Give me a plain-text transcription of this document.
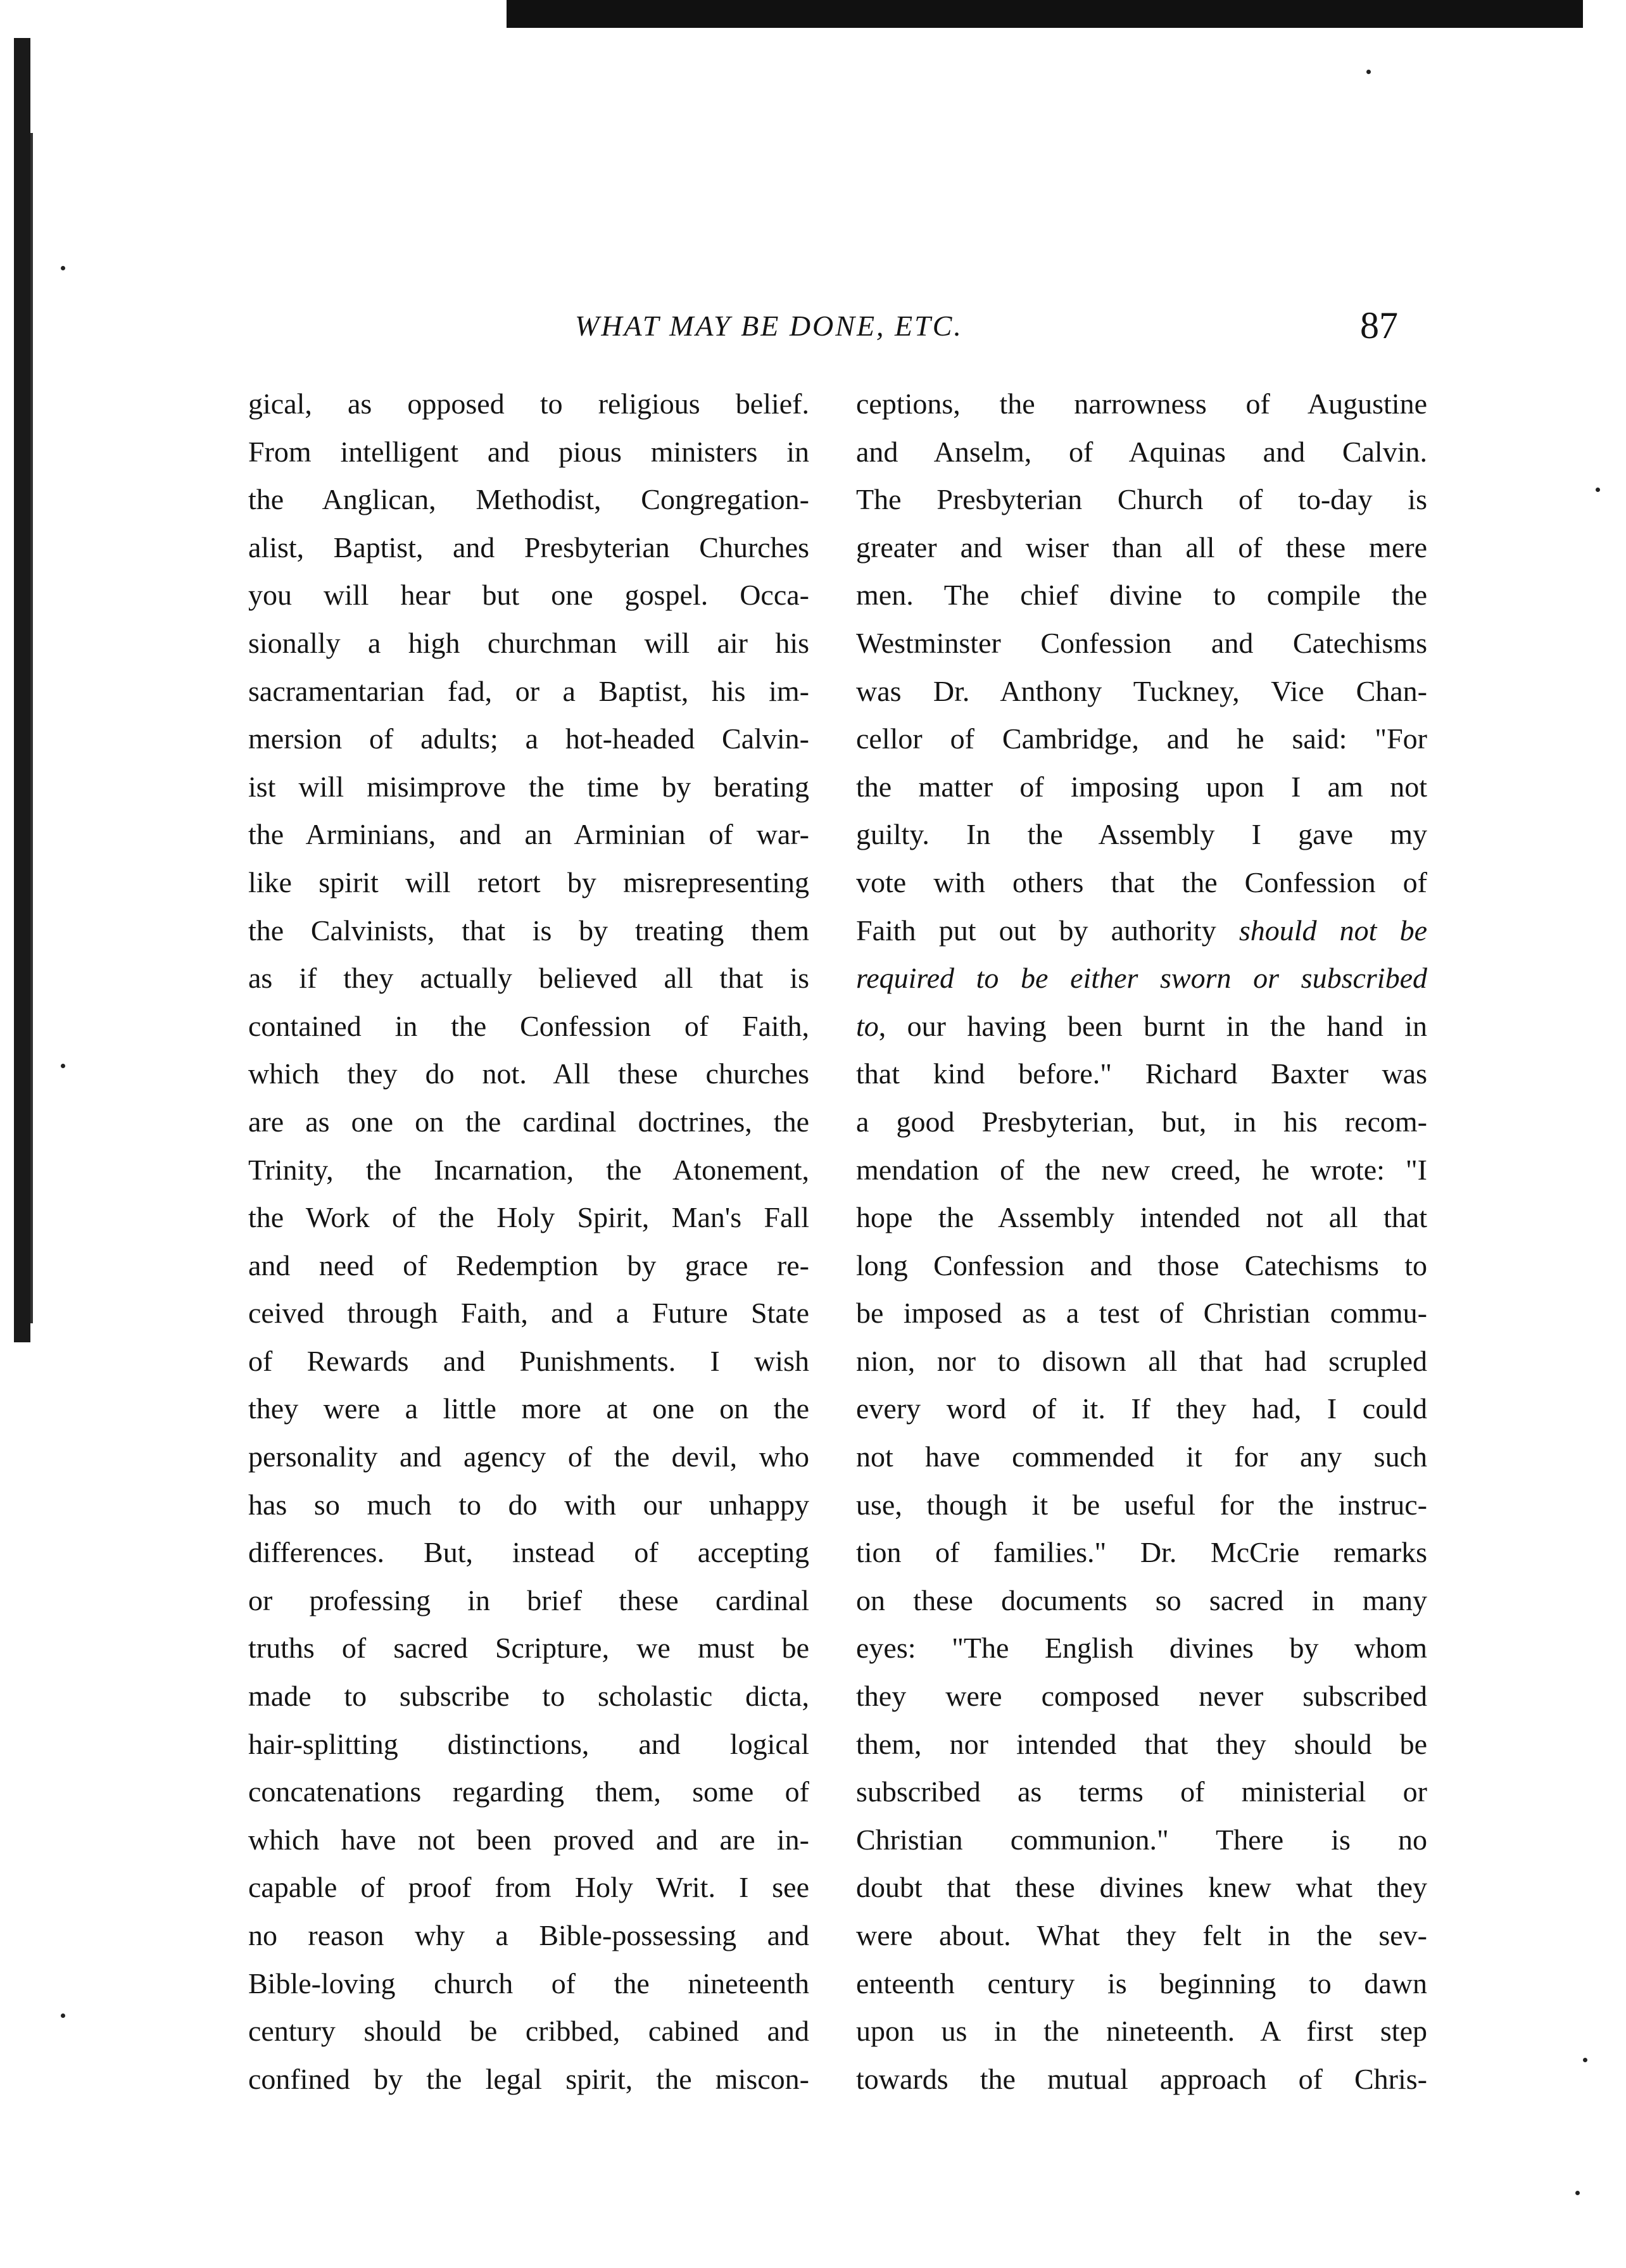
WHAT MAY BE DONE, ETC.	87
gical, as opposed to religious belief.
From intelligent and pious ministers in
the Anglican, Methodist, Congregation-
alist, Baptist, and Presbyterian Churches
you will hear but one gospel. Occa-
sionally a high churchman will air his
sacramentarian fad, or a Baptist, his im-
mersion of adults; a hot-headed Calvin-
ist will misimprove the time by berating
the Arminians, and an Arminian of war-
like spirit will retort by misrepresenting
the Calvinists, that is by treating them
as if they actually believed all that is
contained in the Confession of Faith,
which they do not. All these churches
are as one on the cardinal doctrines, the
Trinity, the Incarnation, the Atonement,
the Work of the Holy Spirit, Man's Fall
and need of Redemption by grace re-
ceived through Faith, and a Future State
of Rewards and Punishments. I wish
they were a little more at one on the
personality and agency of the devil, who
has so much to do with our unhappy
differences. But, instead of accepting
or professing in brief these cardinal
truths of sacred Scripture, we must be
made to subscribe to scholastic dicta,
hair-splitting distinctions, and logical
concatenations regarding them, some of
which have not been proved and are in-
capable of proof from Holy Writ. I see
no reason why a Bible-possessing and
Bible-loving church of the nineteenth
century should be cribbed, cabined and
confined by the legal spirit, the miscon-
ceptions, the narrowness of Augustine
and Anselm, of Aquinas and Calvin.
The Presbyterian Church of to-day is
greater and wiser than all of these mere
men. The chief divine to compile the
Westminster Confession and Catechisms
was Dr. Anthony Tuckney, Vice Chan-
cellor of Cambridge, and he said: "For
the matter of imposing upon I am not
guilty. In the Assembly I gave my
vote with others that the Confession of
Faith put out by authority should not be
required to be either sworn or subscribed
to, our having been burnt in the hand in
that kind before." Richard Baxter was
a good Presbyterian, but, in his recom-
mendation of the new creed, he wrote: "I
hope the Assembly intended not all that
long Confession and those Catechisms to
be imposed as a test of Christian commu-
nion, nor to disown all that had scrupled
every word of it. If they had, I could
not have commended it for any such
use, though it be useful for the instruc-
tion of families." Dr. McCrie remarks
on these documents so sacred in many
eyes: "The English divines by whom
they were composed never subscribed
them, nor intended that they should be
subscribed as terms of ministerial or
Christian communion." There is no
doubt that these divines knew what they
were about. What they felt in the sev-
enteenth century is beginning to dawn
upon us in the nineteenth. A first step
towards the mutual approach of Chris-
